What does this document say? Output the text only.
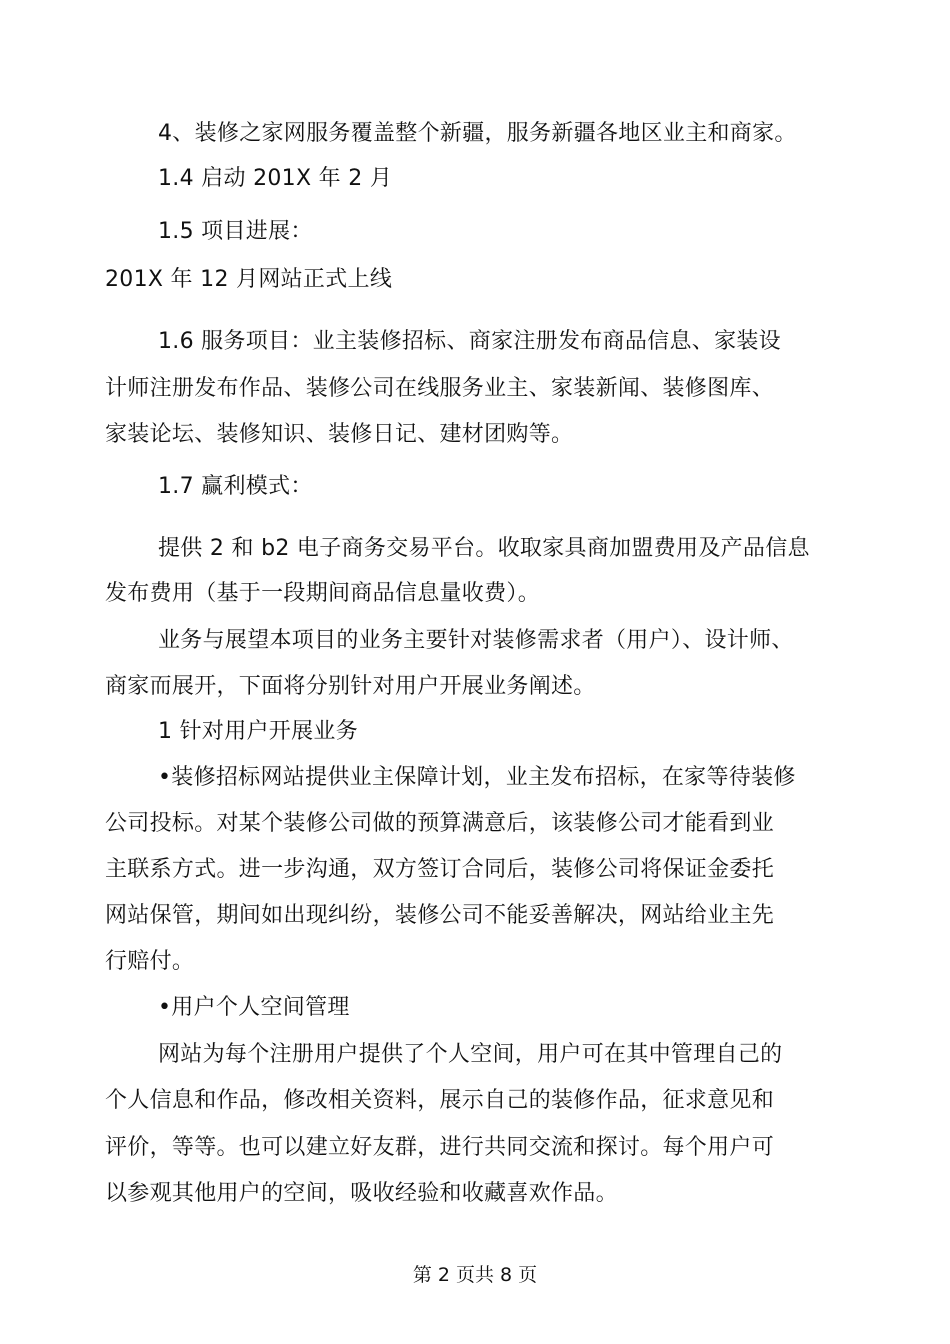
4、装修之家网服务覆盖整个新疆，服务新疆各地区业主和商家。
1.4 启动 201X 年 2 月
1.5 项目进展：
201X 年 12 月网站正式上线
1.6 服务项目：业主装修招标、商家注册发布商品信息、家装设
计师注册发布作品、装修公司在线服务业主、家装新闻、装修图库、
家装论坛、装修知识、装修日记、建材团购等。
1.7 赢利模式：
提供 2 和 b2 电子商务交易平台。收取家具商加盟费用及产品信息
发布费用（基于一段期间商品信息量收费）。
业务与展望本项目的业务主要针对装修需求者（用户）、设计师、
商家而展开，下面将分别针对用户开展业务阐述。
1 针对用户开展业务
•装修招标网站提供业主保障计划，业主发布招标，在家等待装修
公司投标。对某个装修公司做的预算满意后，该装修公司才能看到业
主联系方式。进一步沟通，双方签订合同后，装修公司将保证金委托
网站保管，期间如出现纠纷，装修公司不能妥善解决，网站给业主先
行赔付。
•用户个人空间管理
网站为每个注册用户提供了个人空间，用户可在其中管理自己的
个人信息和作品，修改相关资料，展示自己的装修作品，征求意见和
评价，等等。也可以建立好友群，进行共同交流和探讨。每个用户可
以参观其他用户的空间，吸收经验和收藏喜欢作品。
第 2 页共 8 页
